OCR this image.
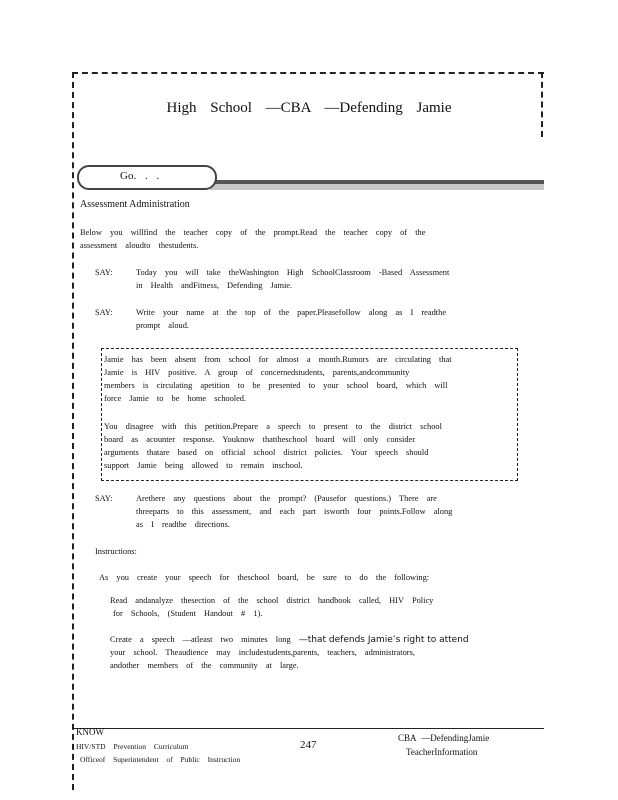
High School —CBA —Defending Jamie
Go. . .
Assessment Administration
Below you willfind the teacher copy of the prompt.Read the teacher copy of the
assessment aloudto thestudents.
SAY:	Today you will take theWashington High SchoolClassroom -Based Assessment
in Health andFitness, Defending Jamie.
SAY:	Write your name at the top of the paper.Pleasefollow along as I readthe
prompt aloud.
Jamie has been absent from school for almost a month.Rumors are circulating that
Jamie is HIV positive. A group of concernedstudents, parents,andcommunity
members is circulating apetition to be presented to your school board, which will
force Jamie to be home schooled.
You disagree with this petition.Prepare a speech to present to the district school
board as acounter response. Youknow thattheschool board will only consider
arguments thatare based on official school district policies. Your speech should
support Jamie being allowed to remain inschool.
SAY:	Arethere any questions about the prompt? (Pausefor questions.) There are
threeparts to this assessment, and each part isworth four points.Follow along
as I readthe directions.
Instructions:
As you create your speech for theschool board, be sure to do the following:
Read andanalyze thesection of the school district handbook called, HIV Policy
for Schools, (Student Handout # 1).
Create a speech —atleast two minutes long —that defends Jamie’s right to attend
your school. Theaudience may includestudents,parents, teachers, administrators,
andother members of the community at large.
KNOW
HIV/STD Prevention Curriculum
Officeof Superintendent of Public Instruction
247
CBA —DefendingJamie
TeacherInformation
